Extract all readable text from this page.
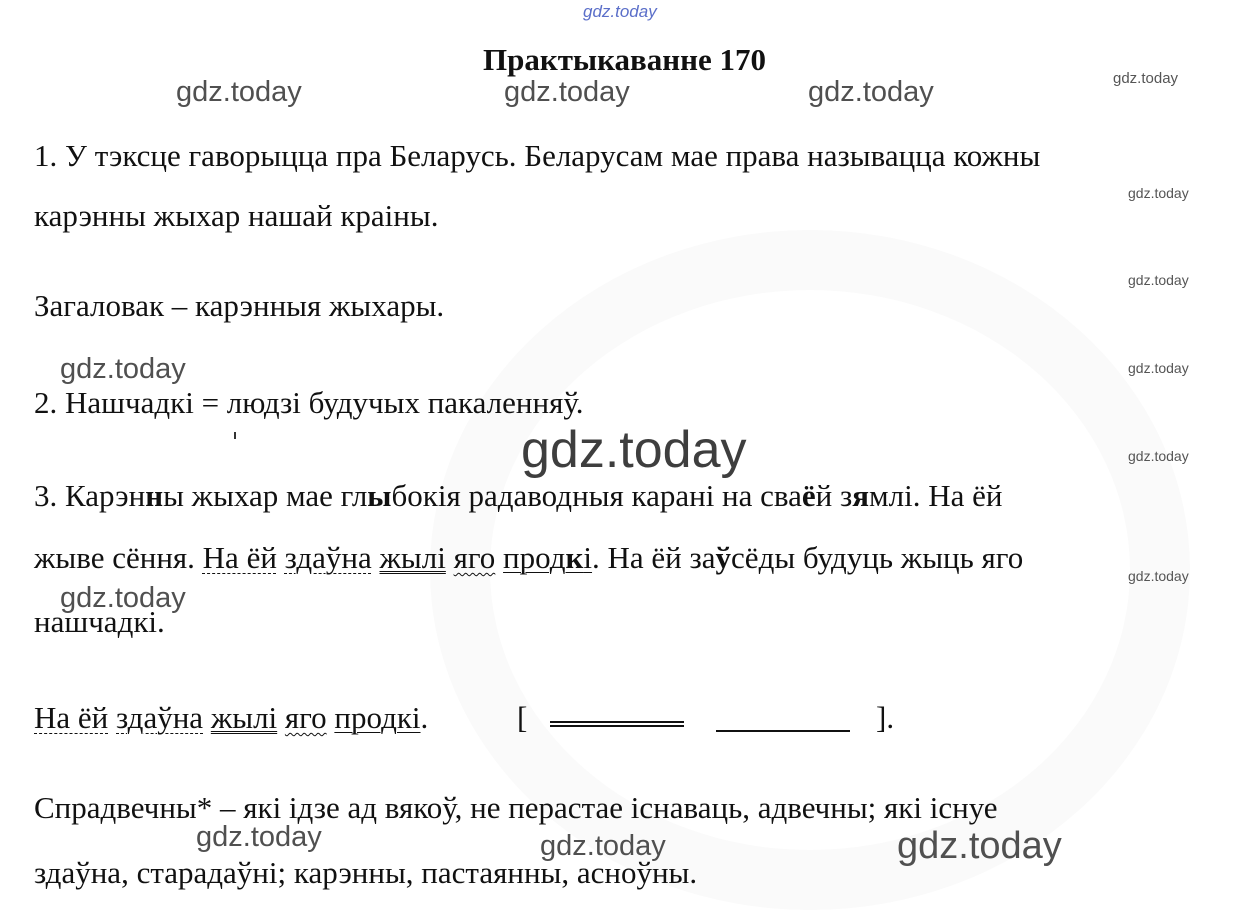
gdz.today
gdz.today	gdz.today	gdz.today	gdz.today
gdz.today
gdz.today
gdz.today
gdz.today
gdz.today
gdz.today
gdz.today
gdz.today
gdz.today	gdz.today	gdz.today
Практыкаванне 170
1. У тэксце гаворыцца пра Беларусь. Беларусам мае права называцца кожны
карэнны жыхар нашай краіны.
Загаловак – карэнныя жыхары.
2. Нашчадкі = людзі будучых пакаленняў.
3. Карэнны жыхар мае глыбокія радаводныя карані на сваёй зямлі. На ёй
жыве сёння. На ёй здаўна жылі яго продкі. На ёй заўсёды будуць жыць яго
нашчадкі.
На ёй здаўна жылі яго продкі.	[	].
Спрадвечны* – які ідзе ад вякоў, не перастае існаваць, адвечны; які існуе
здаўна, старадаўні; карэнны, пастаянны, асноўны.
